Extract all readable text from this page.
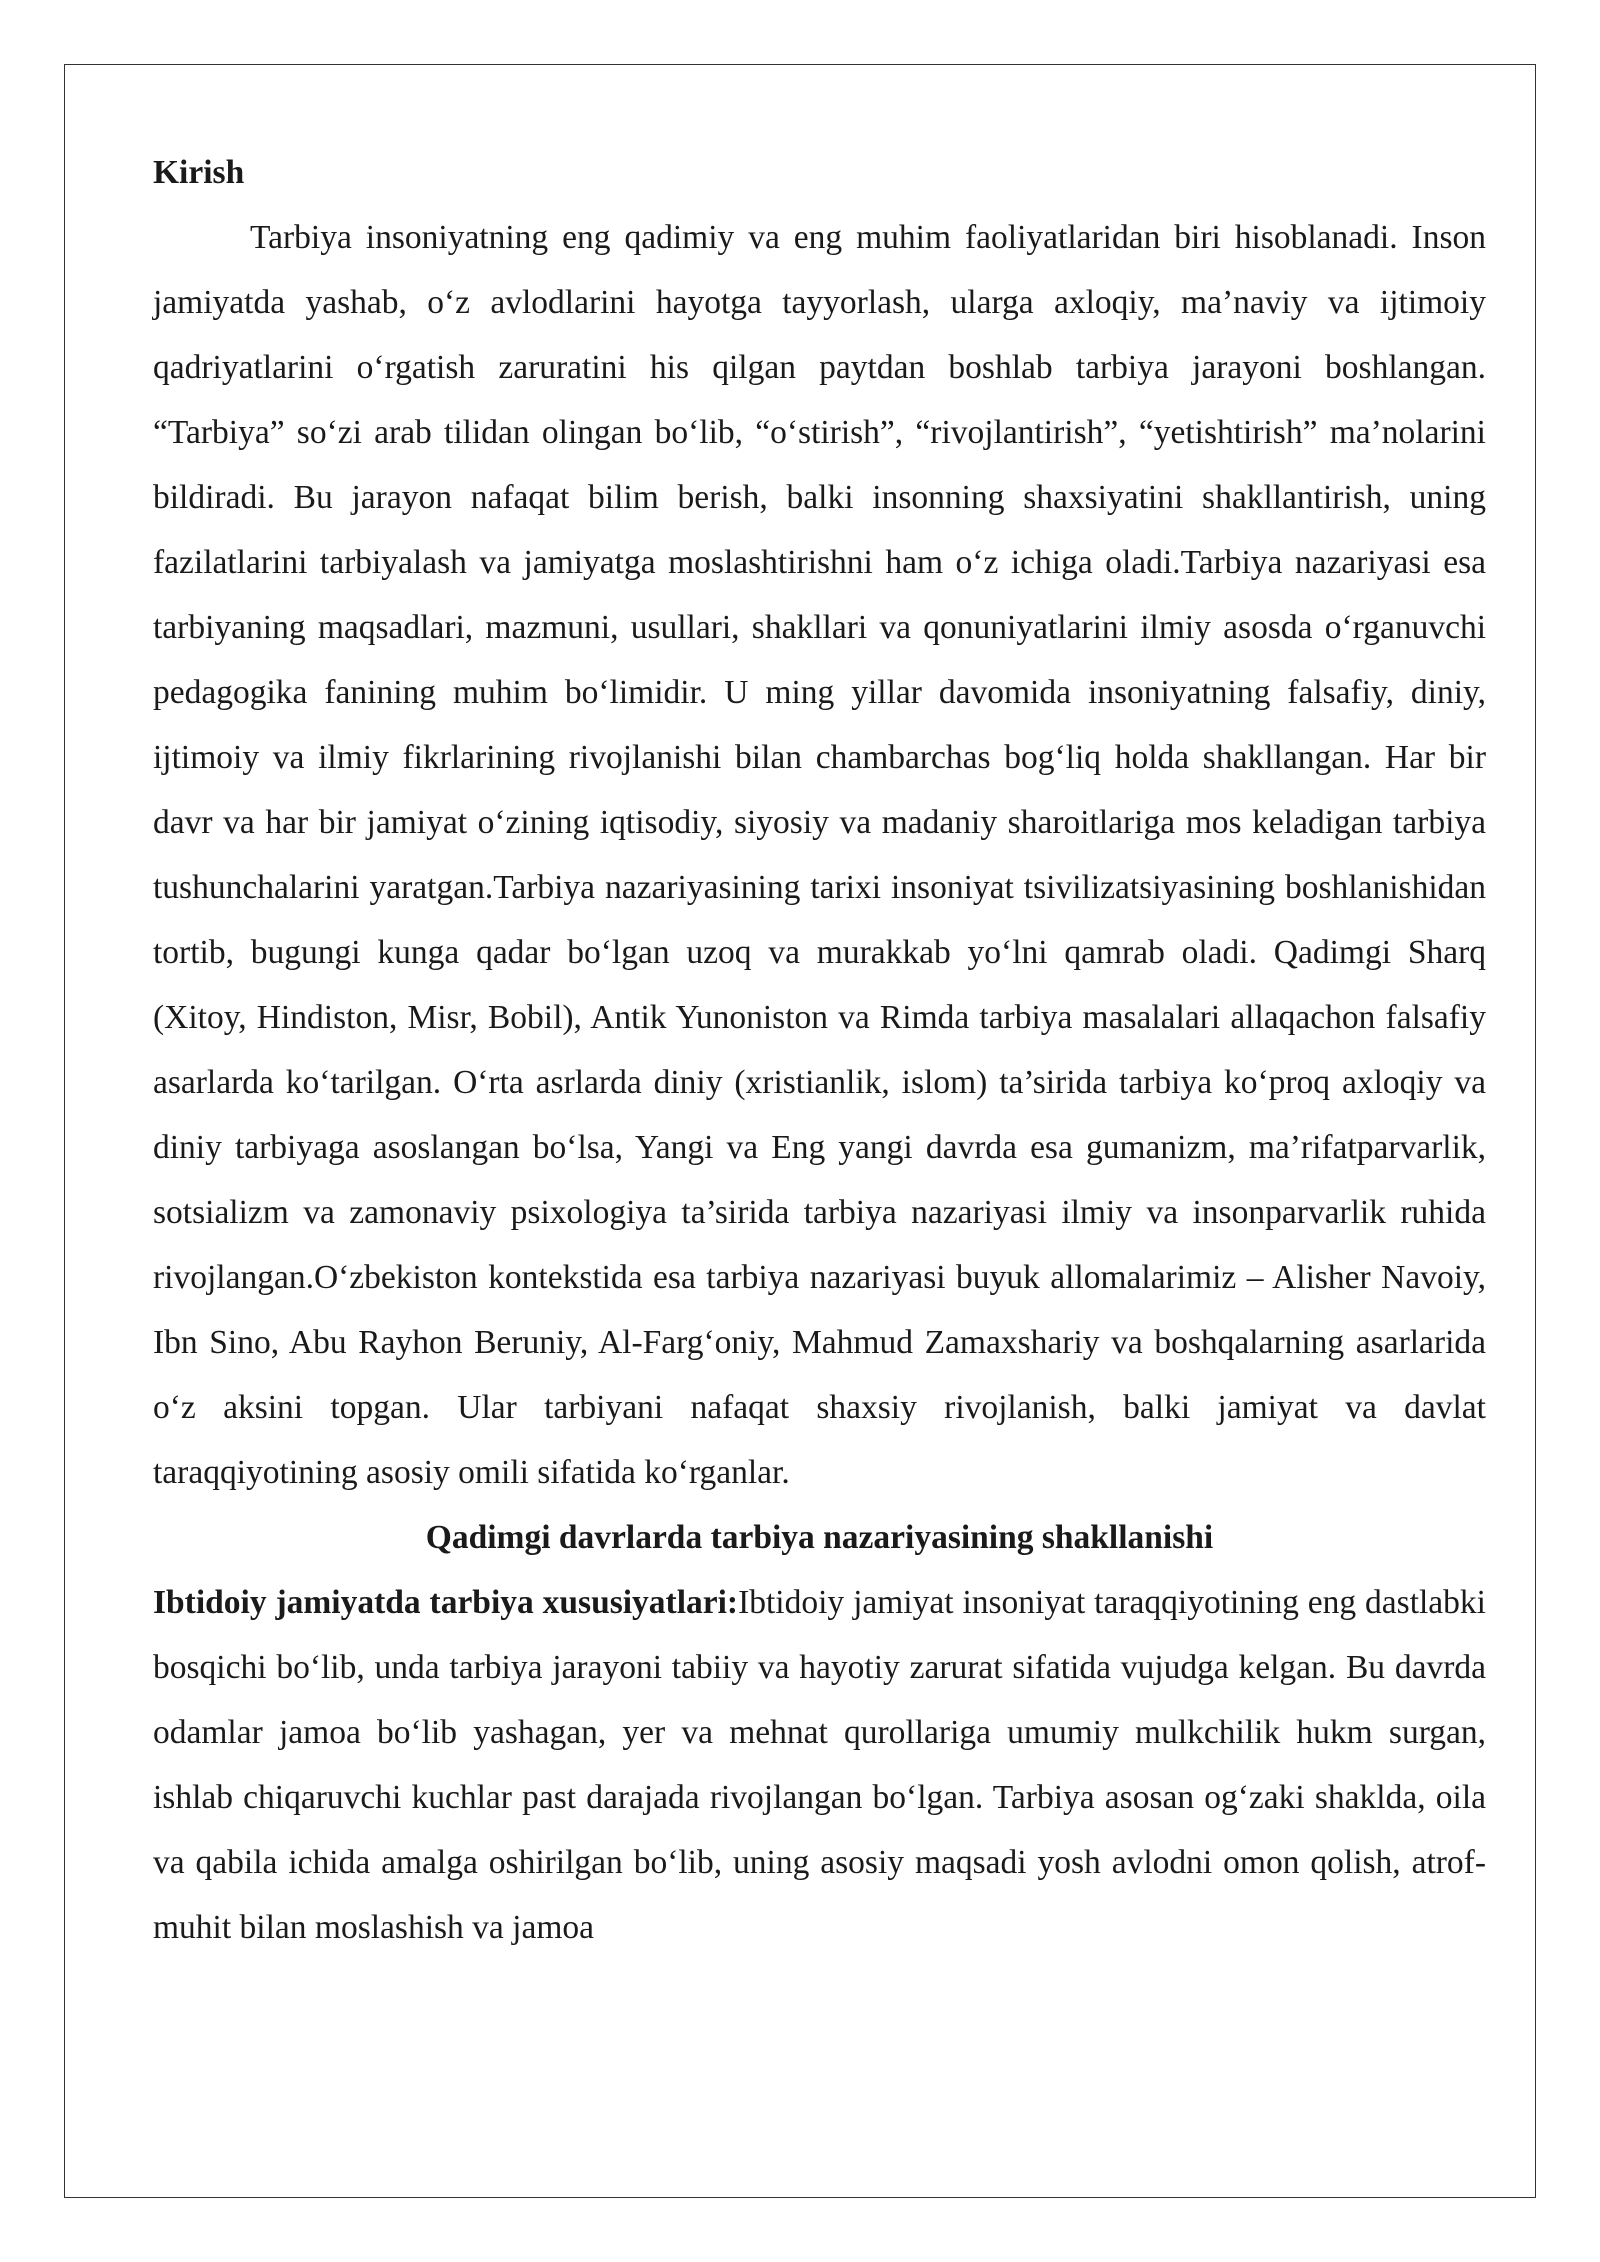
Kirish

Tarbiya insoniyatning eng qadimiy va eng muhim faoliyatlaridan biri hisoblanadi. Inson jamiyatda yashab, o‘z avlodlarini hayotga tayyorlash, ularga axloqiy, ma’naviy va ijtimoiy qadriyatlarini o‘rgatish zaruratini his qilgan paytdan boshlab tarbiya jarayoni boshlangan. “Tarbiya” so‘zi arab tilidan olingan bo‘lib, “o‘stirish”, “rivojlantirish”, “yetishtirish” ma’nolarini bildiradi. Bu jarayon nafaqat bilim berish, balki insonning shaxsiyatini shakllantirish, uning fazilatlarini tarbiyalash va jamiyatga moslashtirishni ham o‘z ichiga oladi.Tarbiya nazariyasi esa tarbiyaning maqsadlari, mazmuni, usullari, shakllari va qonuniyatlarini ilmiy asosda o‘rganuvchi pedagogika fanining muhim bo‘limidir. U ming yillar davomida insoniyatning falsafiy, diniy, ijtimoiy va ilmiy fikrlarining rivojlanishi bilan chambarchas bog‘liq holda shakllangan. Har bir davr va har bir jamiyat o‘zining iqtisodiy, siyosiy va madaniy sharoitlariga mos keladigan tarbiya tushunchalarini yaratgan.Tarbiya nazariyasining tarixi insoniyat tsivilizatsiyasining boshlanishidan tortib, bugungi kunga qadar bo‘lgan uzoq va murakkab yo‘lni qamrab oladi. Qadimgi Sharq (Xitoy, Hindiston, Misr, Bobil), Antik Yunoniston va Rimda tarbiya masalalari allaqachon falsafiy asarlarda ko‘tarilgan. O‘rta asrlarda diniy (xristianlik, islom) ta’sirida tarbiya ko‘proq axloqiy va diniy tarbiyaga asoslangan bo‘lsa, Yangi va Eng yangi davrda esa gumanizm, ma’rifatparvarlik, sotsializm va zamonaviy psixologiya ta’sirida tarbiya nazariyasi ilmiy va insonparvarlik ruhida rivojlangan.O‘zbekiston kontekstida esa tarbiya nazariyasi buyuk allomalarimiz – Alisher Navoiy, Ibn Sino, Abu Rayhon Beruniy, Al-Farg‘oniy, Mahmud Zamaxshariy va boshqalarning asarlarida o‘z aksini topgan. Ular tarbiyani nafaqat shaxsiy rivojlanish, balki jamiyat va davlat taraqqiyotining asosiy omili sifatida ko‘rganlar.

Qadimgi davrlarda tarbiya nazariyasining shakllanishi

Ibtidoiy jamiyatda tarbiya xususiyatlari:Ibtidoiy jamiyat insoniyat taraqqiyotining eng dastlabki bosqichi bo‘lib, unda tarbiya jarayoni tabiiy va hayotiy zarurat sifatida vujudga kelgan. Bu davrda odamlar jamoa bo‘lib yashagan, yer va mehnat qurollariga umumiy mulkchilik hukm surgan, ishlab chiqaruvchi kuchlar past darajada rivojlangan bo‘lgan. Tarbiya asosan og‘zaki shaklda, oila va qabila ichida amalga oshirilgan bo‘lib, uning asosiy maqsadi yosh avlodni omon qolish, atrof-muhit bilan moslashish va jamoa
